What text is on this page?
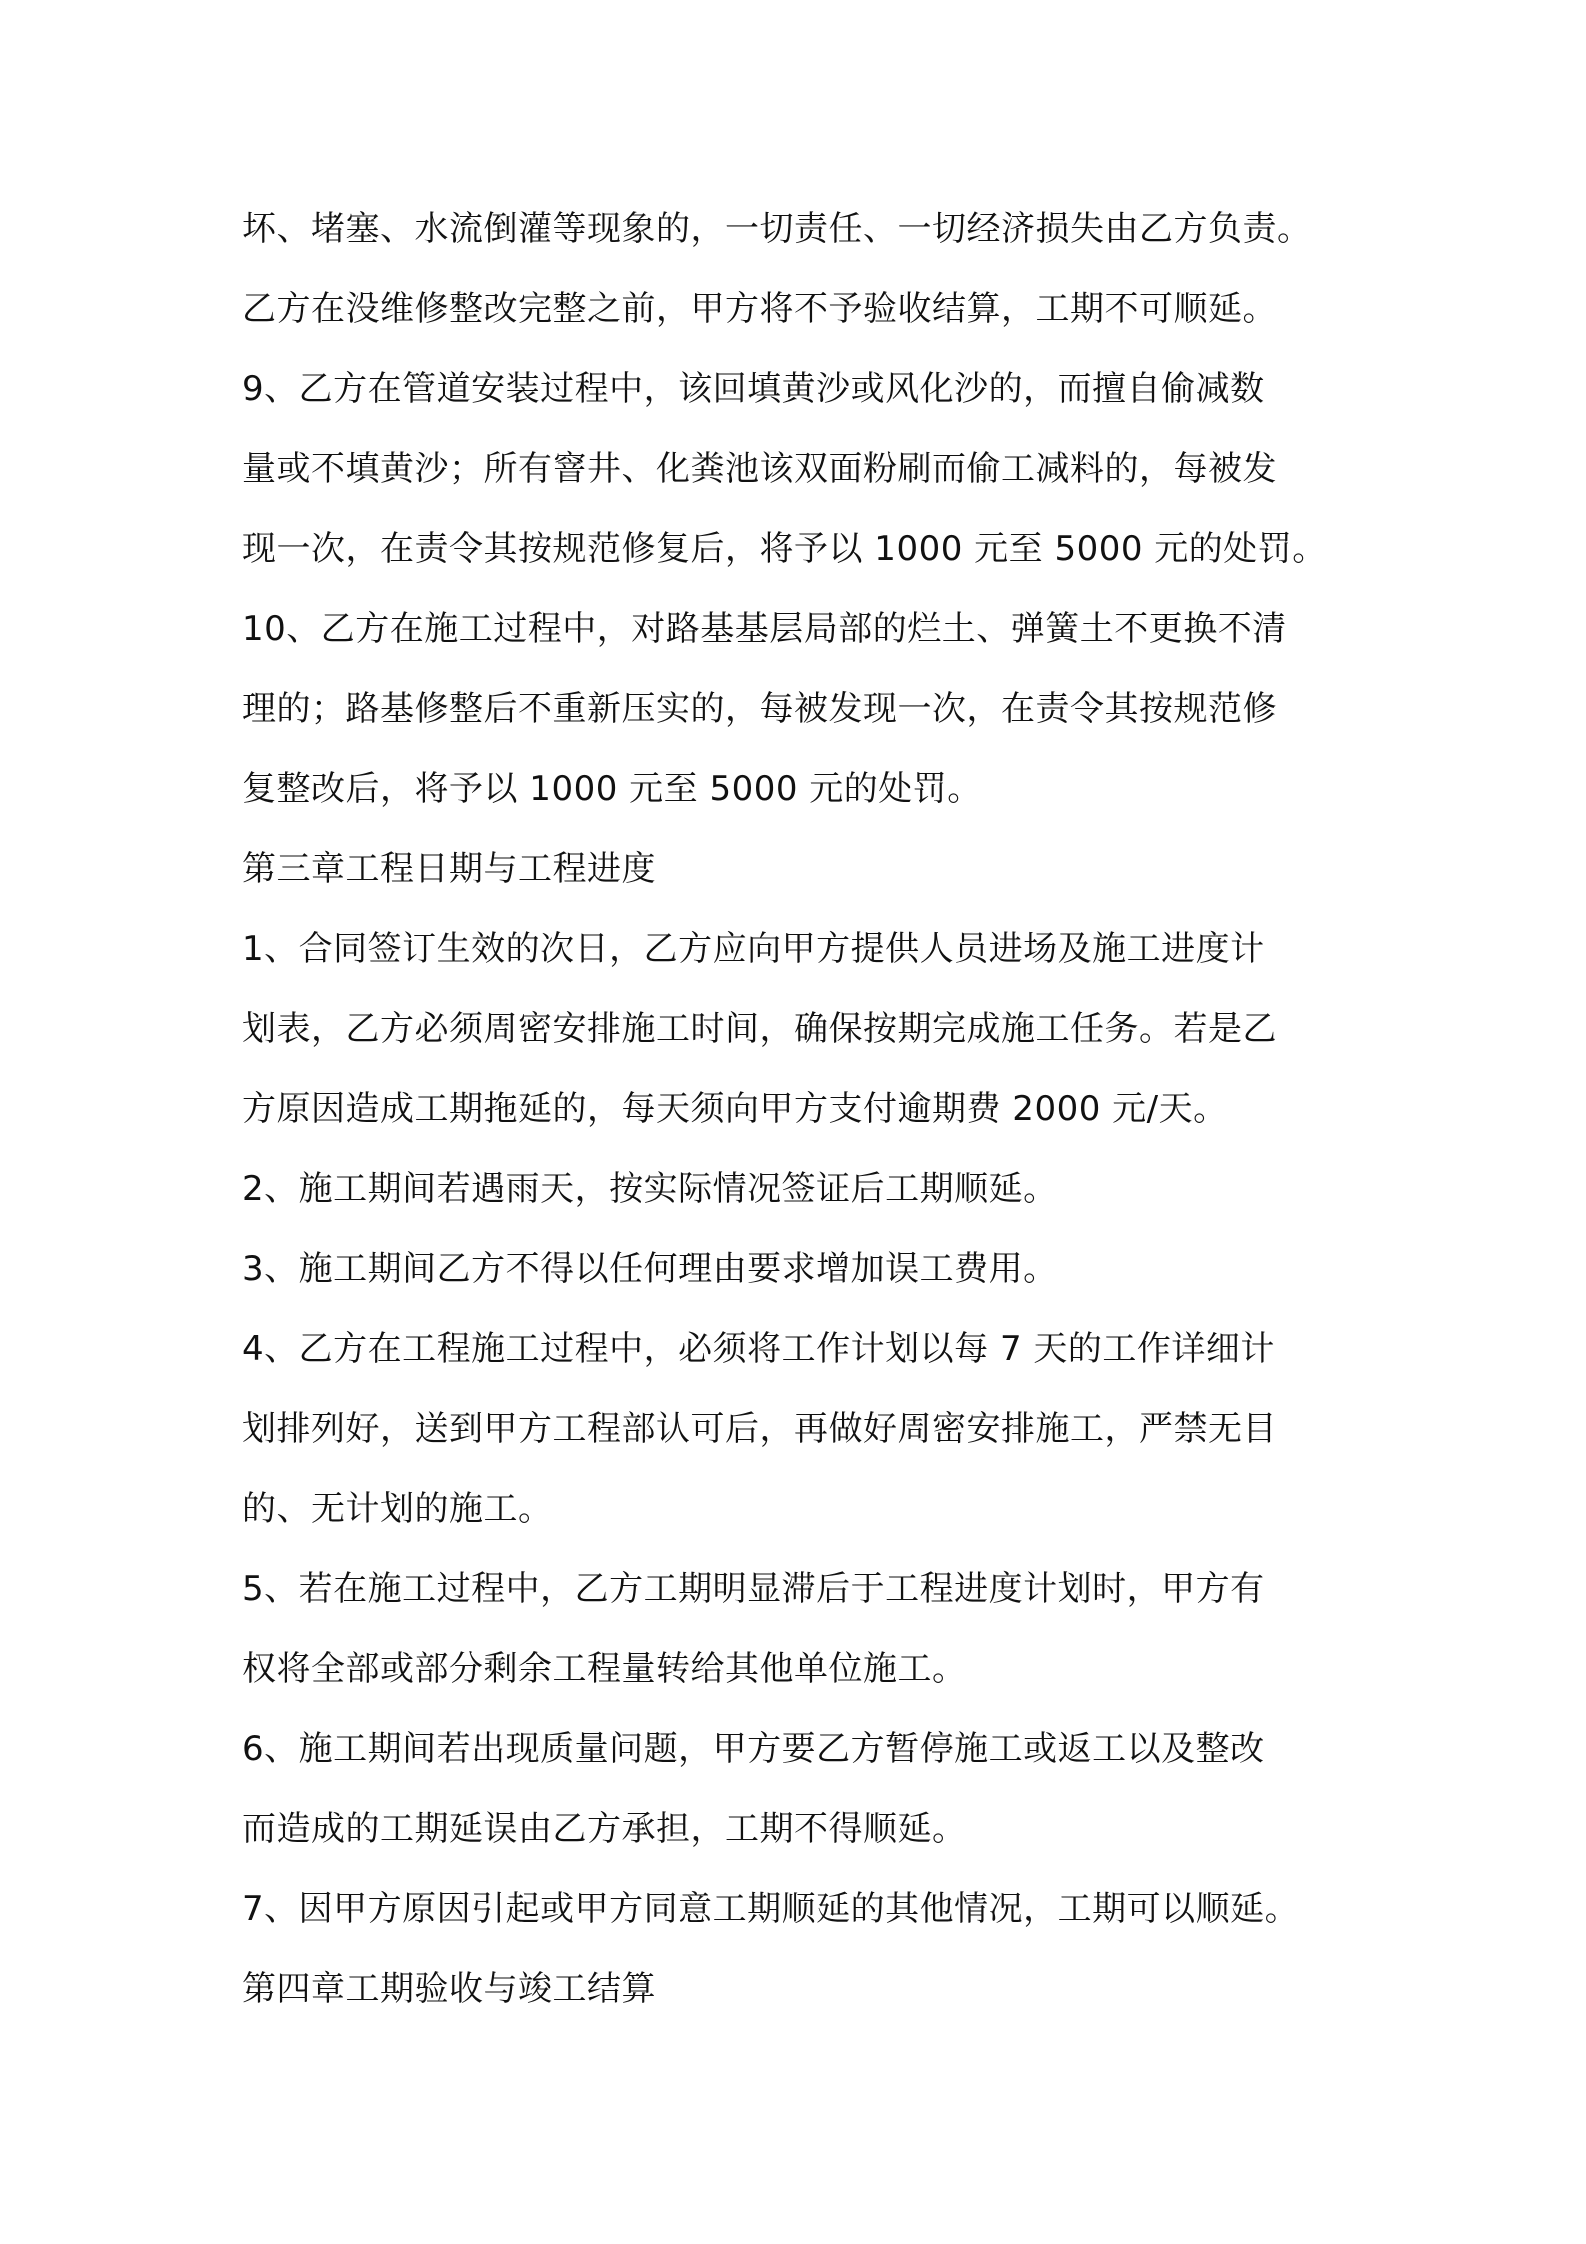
坏、堵塞、水流倒灌等现象的，一切责任、一切经济损失由乙方负责。
乙方在没维修整改完整之前，甲方将不予验收结算，工期不可顺延。
9、乙方在管道安装过程中，该回填黄沙或风化沙的，而擅自偷减数
量或不填黄沙；所有窨井、化粪池该双面粉刷而偷工减料的，每被发
现一次，在责令其按规范修复后，将予以 1000 元至 5000 元的处罚。
10、乙方在施工过程中，对路基基层局部的烂土、弹簧土不更换不清
理的；路基修整后不重新压实的，每被发现一次，在责令其按规范修
复整改后，将予以 1000 元至 5000 元的处罚。
第三章工程日期与工程进度
1、合同签订生效的次日，乙方应向甲方提供人员进场及施工进度计
划表，乙方必须周密安排施工时间，确保按期完成施工任务。若是乙
方原因造成工期拖延的，每天须向甲方支付逾期费 2000 元/天。
2、施工期间若遇雨天，按实际情况签证后工期顺延。
3、施工期间乙方不得以任何理由要求增加误工费用。
4、乙方在工程施工过程中，必须将工作计划以每 7 天的工作详细计
划排列好，送到甲方工程部认可后，再做好周密安排施工，严禁无目
的、无计划的施工。
5、若在施工过程中，乙方工期明显滞后于工程进度计划时，甲方有
权将全部或部分剩余工程量转给其他单位施工。
6、施工期间若出现质量问题，甲方要乙方暂停施工或返工以及整改
而造成的工期延误由乙方承担，工期不得顺延。
7、因甲方原因引起或甲方同意工期顺延的其他情况，工期可以顺延。
第四章工期验收与竣工结算
